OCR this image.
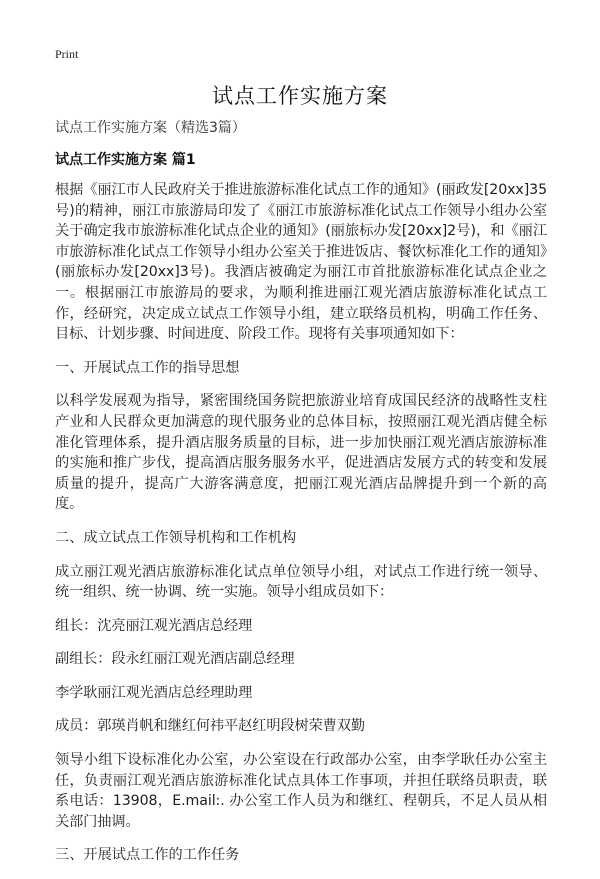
Print
试点工作实施方案
试点工作实施方案（精选3篇）
试点工作实施方案 篇1

根据《丽江市人民政府关于推进旅游标准化试点工作的通知》(丽政发[20xx]35号)的精神，丽江市旅游局印发了《丽江市旅游标准化试点工作领导小组办公室关于确定我市旅游标准化试点企业的通知》(丽旅标办发[20xx]2号)，和《丽江市旅游标准化试点工作领导小组办公室关于推进饭店、餐饮标准化工作的通知》(丽旅标办发[20xx]3号)。我酒店被确定为丽江市首批旅游标准化试点企业之一。根据丽江市旅游局的要求，为顺利推进丽江观光酒店旅游标准化试点工作，经研究，决定成立试点工作领导小组，建立联络员机构，明确工作任务、目标、计划步骤、时间进度、阶段工作。现将有关事项通知如下：

一、开展试点工作的指导思想

以科学发展观为指导，紧密围绕国务院把旅游业培育成国民经济的战略性支柱产业和人民群众更加满意的现代服务业的总体目标，按照丽江观光酒店健全标准化管理体系，提升酒店服务质量的目标，进一步加快丽江观光酒店旅游标准的实施和推广步伐，提高酒店服务服务水平，促进酒店发展方式的转变和发展质量的提升，提高广大游客满意度，把丽江观光酒店品牌提升到一个新的高度。

二、成立试点工作领导机构和工作机构

成立丽江观光酒店旅游标准化试点单位领导小组，对试点工作进行统一领导、统一组织、统一协调、统一实施。领导小组成员如下：

组长：沈亮丽江观光酒店总经理

副组长：段永红丽江观光酒店副总经理

李学耿丽江观光酒店总经理助理

成员：郭瑛肖帆和继红何祎平赵红明段树荣曹双勤

领导小组下设标准化办公室，办公室设在行政部办公室，由李学耿任办公室主任，负责丽江观光酒店旅游标准化试点具体工作事项，并担任联络员职责，联系电话：13908，E.mail:. 办公室工作人员为和继红、程朝兵，不足人员从相关部门抽调。

三、开展试点工作的工作任务
